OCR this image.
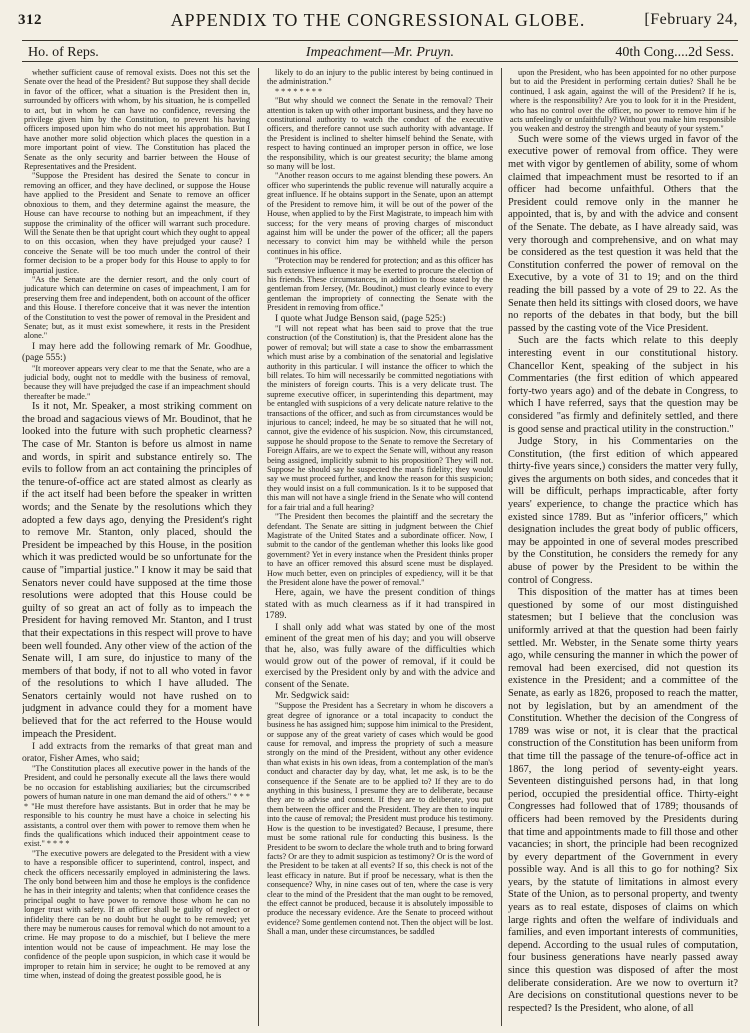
312	APPENDIX TO THE CONGRESSIONAL GLOBE.	[February 24,
Ho. of Reps.	Impeachment—Mr. Pruyn.	40th Cong....2d Sess.

whether sufficient cause of removal exists. Does not this set the Senate over the head of the President? But suppose they shall decide in favor of the officer, what a situation is the President then in, surrounded by officers with whom, by his situation, he is compelled to act, but in whom he can have no confidence, reversing the privilege given him by the Constitution, to prevent his having officers imposed upon him who do not meet his approbation. But I have another more solid objection which places the question in a more important point of view. The Constitution has placed the Senate as the only security and barrier between the House of Representatives and the President.

"Suppose the President has desired the Senate to concur in removing an officer, and they have declined, or suppose the House have applied to the President and Senate to remove an officer obnoxious to them, and they determine against the measure, the House can have recourse to nothing but an impeachment, if they suppose the criminality of the officer will warrant such procedure. Will the Senate then be that upright court which they ought to appeal to on this occasion, when they have prejudged your cause? I conceive the Senate will be too much under the control of their former decision to be a proper body for this House to apply to for impartial justice.

"As the Senate are the dernier resort, and the only court of judicature which can determine on cases of impeachment, I am for preserving them free and independent, both on account of the officer and this House. I therefore conceive that it was never the intention of the Constitution to vest the power of removal in the President and Senate; but, as it must exist somewhere, it rests in the President alone."

I may here add the following remark of Mr. Goodhue, (page 555:)

"It moreover appears very clear to me that the Senate, who are a judicial body, ought not to meddle with the business of removal, because they will have prejudged the case if an impeachment should thereafter be made."

Is it not, Mr. Speaker, a most striking comment on the broad and sagacious views of Mr. Boudinot, that he looked into the future with such prophetic clearness? The case of Mr. Stanton is before us almost in name and words, in spirit and substance entirely so. The evils to follow from an act containing the principles of the tenure-of-office act are stated almost as clearly as if the act itself had been before the speaker in written words; and the Senate by the resolutions which they adopted a few days ago, denying the President's right to remove Mr. Stanton, only placed, should the President be impeached by this House, in the position which it was predicted would be so unfortunate for the cause of "impartial justice." I know it may be said that Senators never could have supposed at the time those resolutions were adopted that this House could be guilty of so great an act of folly as to impeach the President for having removed Mr. Stanton, and I trust that their expectations in this respect will prove to have been well founded. Any other view of the action of the Senate will, I am sure, do injustice to many of the members of that body, if not to all who voted in favor of the resolutions to which I have alluded. The Senators certainly would not have rushed on to judgment in advance could they for a moment have believed that for the act referred to the House would impeach the President.

I add extracts from the remarks of that great man and orator, Fisher Ames, who said;

"The Constitution places all executive power in the hands of the President, and could he personally execute all the laws there would be no occasion for establishing auxiliaries; but the circumscribed powers of human nature in one man demand the aid of others." * * * * "He must therefore have assistants. But in order that he may be responsible to his country he must have a choice in selecting his assistants, a control over them with power to remove them when he finds the qualifications which induced their appointment cease to exist." * * * *

"The executive powers are delegated to the President with a view to have a responsible officer to superintend, control, inspect, and check the officers necessarily employed in administering the laws. The only bond between him and those he employs is the confidence he has in their integrity and talents; when that confidence ceases the principal ought to have power to remove those whom he can no longer trust with safety. If an officer shall be guilty of neglect or infidelity there can be no doubt but he ought to be removed; yet there may be numerous causes for removal which do not amount to a crime. He may propose to do a mischief, but I believe the mere intention would not be cause of impeachment. He may lose the confidence of the people upon suspicion, in which case it would be improper to retain him in service; he ought to be removed at any time when, instead of doing the greatest possible good, he is

likely to do an injury to the public interest by being continued in the administration."

* * * * * * * *

"But why should we connect the Senate in the removal? Their attention is taken up with other important business, and they have no constitutional authority to watch the conduct of the executive officers, and therefore cannot use such authority with advantage. If the President is inclined to shelter himself behind the Senate, with respect to having continued an improper person in office, we lose the responsibility, which is our greatest security; the blame among so many will be lost.

"Another reason occurs to me against blending these powers. An officer who superintends the public revenue will naturally acquire a great influence. If he obtains support in the Senate, upon an attempt of the President to remove him, it will be out of the power of the House, when applied to by the First Magistrate, to impeach him with success; for the very means of proving charges of misconduct against him will be under the power of the officer; all the papers necessary to convict him may be withheld while the person continues in his office.

"Protection may be rendered for protection; and as this officer has such extensive influence it may be exerted to procure the election of his friends. These circumstances, in addition to those stated by the gentleman from Jersey, (Mr. Boudinot,) must clearly evince to every gentleman the impropriety of connecting the Senate with the President in removing from office."

I quote what Judge Benson said, (page 525:)

"I will not repeat what has been said to prove that the true construction (of the Constitution) is, that the President alone has the power of removal; but will state a case to show the embarrassment which must arise by a combination of the senatorial and legislative authority in this particular. I will instance the officer to which the bill relates. To him will necessarily be committed negotiations with the ministers of foreign courts. This is a very delicate trust. The supreme executive officer, in superintending this department, may be entangled with suspicions of a very delicate nature relative to the transactions of the officer, and such as from circumstances would be injurious to cancel; indeed, he may be so situated that he will not, cannot, give the evidence of his suspicion. Now, this circumstanced, suppose he should propose to the Senate to remove the Secretary of Foreign Affairs, are we to expect the Senate will, without any reason being assigned, implicitly submit to his proposition? They will not. Suppose he should say he suspected the man's fidelity; they would say we must proceed further, and know the reason for this suspicion; they would insist on a full communication. Is it to be supposed that this man will not have a single friend in the Senate who will contend for a fair trial and a full hearing?

"The President then becomes the plaintiff and the secretary the defendant. The Senate are sitting in judgment between the Chief Magistrate of the United States and a subordinate officer. Now, I submit to the candor of the gentleman whether this looks like good government? Yet in every instance when the President thinks proper to have an officer removed this absurd scene must be displayed. How much better, even on principles of expediency, will it be that the President alone have the power of removal."

Here, again, we have the present condition of things stated with as much clearness as if it had transpired in 1789.

I shall only add what was stated by one of the most eminent of the great men of his day; and you will observe that he, also, was fully aware of the difficulties which would grow out of the power of removal, if it could be exercised by the President only by and with the advice and consent of the Senate.

Mr. Sedgwick said:

"Suppose the President has a Secretary in whom he discovers a great degree of ignorance or a total incapacity to conduct the business he has assigned him; suppose him inimical to the President, or suppose any of the great variety of cases which would be good cause for removal, and impress the propriety of such a measure strongly on the mind of the President, without any other evidence than what exists in his own ideas, from a contemplation of the man's conduct and character day by day, what, let me ask, is to be the consequence if the Senate are to be applied to? If they are to do anything in this business, I presume they are to deliberate, because they are to advise and consent. If they are to deliberate, you put them between the officer and the President. They are then to inquire into the cause of removal; the President must produce his testimony. How is the question to be investigated? Because, I presume, there must be some rational rule for conducting this business. Is the President to be sworn to declare the whole truth and to bring forward facts? Or are they to admit suspicion as testimony? Or is the word of the President to be taken at all events? If so, this check is not of the least efficacy in nature. But if proof be necessary, what is then the consequence? Why, in nine cases out of ten, where the case is very clear to the mind of the President that the man ought to be removed, the effect cannot be produced, because it is absolutely impossible to produce the necessary evidence. Are the Senate to proceed without evidence? Some gentlemen contend not. Then the object will be lost. Shall a man, under these circumstances, be saddled

upon the President, who has been appointed for no other purpose but to aid the President in performing certain duties? Shall he be continued, I ask again, against the will of the President? If he is, where is the responsibility? Are you to look for it in the President, who has no control over the officer, no power to remove him if he acts unfeelingly or unfaithfully? Without you make him responsible you weaken and destroy the strength and beauty of your system."

Such were some of the views urged in favor of the executive power of removal from office. They were met with vigor by gentlemen of ability, some of whom claimed that impeachment must be resorted to if an officer had become unfaithful. Others that the President could remove only in the manner he appointed, that is, by and with the advice and consent of the Senate. The debate, as I have already said, was very thorough and comprehensive, and on what may be considered as the test question it was held that the Constitution conferred the power of removal on the Executive, by a vote of 31 to 19; and on the third reading the bill passed by a vote of 29 to 22. As the Senate then held its sittings with closed doors, we have no reports of the debates in that body, but the bill passed by the casting vote of the Vice President.

Such are the facts which relate to this deeply interesting event in our constitutional history. Chancellor Kent, speaking of the subject in his Commentaries (the first edition of which appeared forty-two years ago) and of the debate in Congress, to which I have referred, says that the question may be considered "as firmly and definitely settled, and there is good sense and practical utility in the construction."

Judge Story, in his Commentaries on the Constitution, (the first edition of which appeared thirty-five years since,) considers the matter very fully, gives the arguments on both sides, and concedes that it will be difficult, perhaps impracticable, after forty years' experience, to change the practice which has existed since 1789. But as "inferior officers," which designation includes the great body of public officers, may be appointed in one of several modes prescribed by the Constitution, he considers the remedy for any abuse of power by the President to be within the control of Congress.

This disposition of the matter has at times been questioned by some of our most distinguished statesmen; but I believe that the conclusion was uniformly arrived at that the question had been fairly settled. Mr. Webster, in the Senate some thirty years ago, while censuring the manner in which the power of removal had been exercised, did not question its existence in the President; and a committee of the Senate, as early as 1826, proposed to reach the matter, not by legislation, but by an amendment of the Constitution. Whether the decision of the Congress of 1789 was wise or not, it is clear that the practical construction of the Constitution has been uniform from that time till the passage of the tenure-of-office act in 1867, the long period of seventy-eight years. Seventeen distinguished persons had, in that long period, occupied the presidential office. Thirty-eight Congresses had followed that of 1789; thousands of officers had been removed by the Presidents during that time and appointments made to fill those and other vacancies; in short, the principle had been recognized by every department of the Government in every possible way. And is all this to go for nothing? Six years, by the statute of limitations in almost every State of the Union, as to personal property, and twenty years as to real estate, disposes of claims on which large rights and often the welfare of individuals and families, and even important interests of communities, depend. According to the usual rules of computation, four business generations have nearly passed away since this question was disposed of after the most deliberate consideration. Are we now to overturn it? Are decisions on constitutional questions never to be respected? Is the President, who alone, of all
